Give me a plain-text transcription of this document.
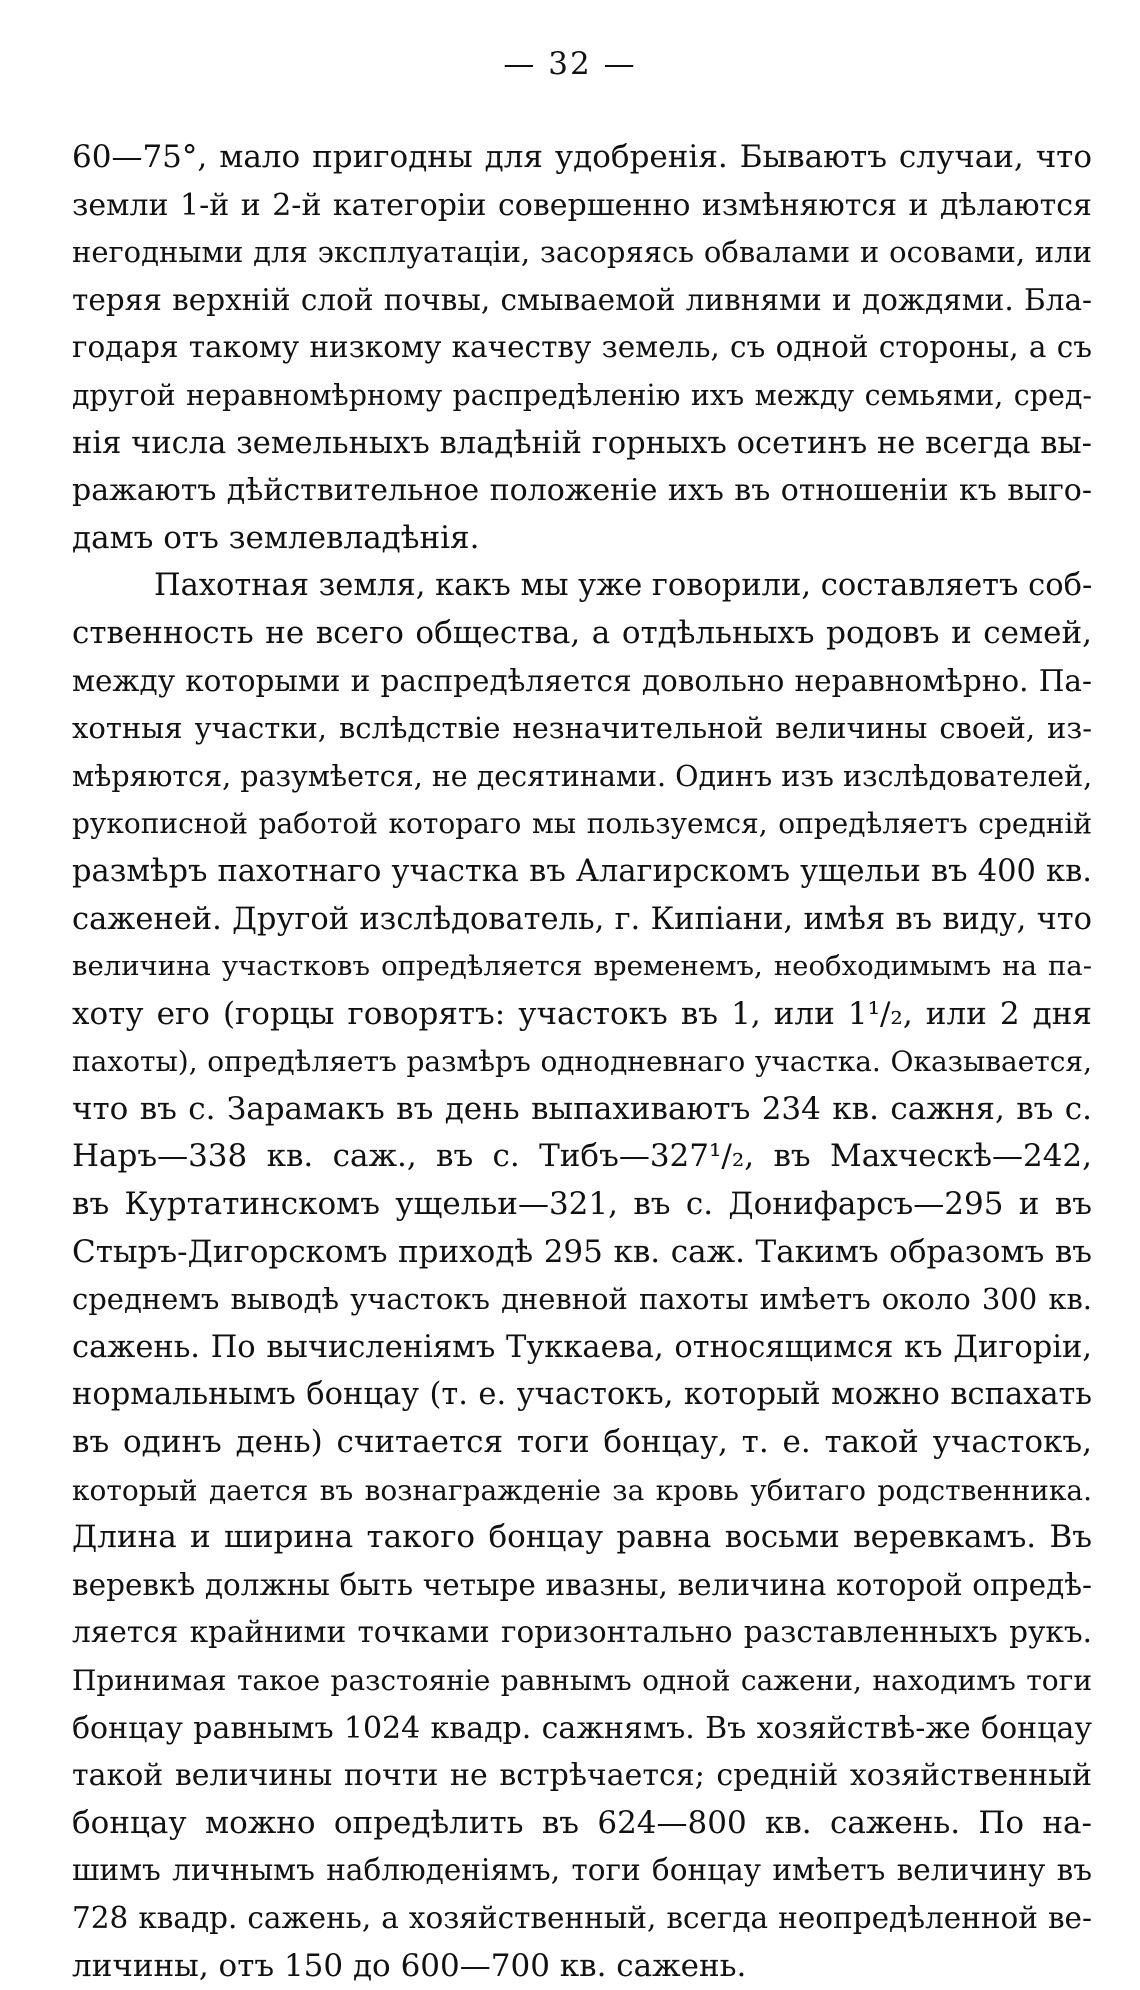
— 32 —
60—75°, мало пригодны для удобренія. Бываютъ случаи, что
земли 1-й и 2-й категоріи совершенно измѣняются и дѣлаются
негодными для эксплуатаціи, засоряясь обвалами и осовами, или
теряя верхній слой почвы, смываемой ливнями и дождями. Бла-
годаря такому низкому качеству земель, съ одной стороны, а съ
другой неравномѣрному распредѣленію ихъ между семьями, сред-
нія числа земельныхъ владѣній горныхъ осетинъ не всегда вы-
ражаютъ дѣйствительное положеніе ихъ въ отношеніи къ выго-
дамъ отъ землевладѣнія.
Пахотная земля, какъ мы уже говорили, составляетъ соб-
ственность не всего общества, а отдѣльныхъ родовъ и семей,
между которыми и распредѣляется довольно неравномѣрно. Па-
хотныя участки, вслѣдствіе незначительной величины своей, из-
мѣряются, разумѣется, не десятинами. Одинъ изъ изслѣдователей,
рукописной работой котораго мы пользуемся, опредѣляетъ средній
размѣръ пахотнаго участка въ Алагирскомъ ущельи въ 400 кв.
саженей. Другой изслѣдователь, г. Кипіани, имѣя въ виду, что
величина участковъ опредѣляется временемъ, необходимымъ на па-
хоту его (горцы говорятъ: участокъ въ 1, или 1¹/₂, или 2 дня
пахоты), опредѣляетъ размѣръ однодневнаго участка. Оказывается,
что въ с. Зарамакъ въ день выпахиваютъ 234 кв. сажня, въ с.
Наръ—338 кв. саж., въ с. Тибъ—327¹/₂, въ Махческѣ—242,
въ Куртатинскомъ ущельи—321, въ с. Донифарсъ—295 и въ
Стыръ-Дигорскомъ приходѣ 295 кв. саж. Такимъ образомъ въ
среднемъ выводѣ участокъ дневной пахоты имѣетъ около 300 кв.
сажень. По вычисленіямъ Туккаева, относящимся къ Дигоріи,
нормальнымъ бонцау (т. е. участокъ, который можно вспахать
въ одинъ день) считается тоги бонцау, т. е. такой участокъ,
который дается въ вознагражденіе за кровь убитаго родственника.
Длина и ширина такого бонцау равна восьми веревкамъ. Въ
веревкѣ должны быть четыре ивазны, величина которой опредѣ-
ляется крайними точками горизонтально разставленныхъ рукъ.
Принимая такое разстояніе равнымъ одной сажени, находимъ тоги
бонцау равнымъ 1024 квадр. сажнямъ. Въ хозяйствѣ-же бонцау
такой величины почти не встрѣчается; средній хозяйственный
бонцау можно опредѣлить въ 624—800 кв. сажень. По на-
шимъ личнымъ наблюденіямъ, тоги бонцау имѣетъ величину въ
728 квадр. сажень, а хозяйственный, всегда неопредѣленной ве-
личины, отъ 150 до 600—700 кв. сажень.
